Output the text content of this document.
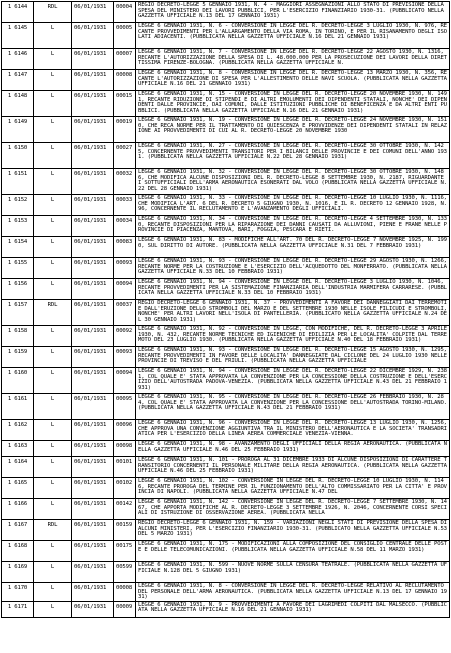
1 6144	RDL	06/01/1931	00004	REGIO DECRETO-LEGGE 5 GENNAIO 1931, N. 4 - MAGGIORI ASSEGNAZIONI ALLO STATO DI PREVISIONE DELLA SPESA DEL MINISTERO DEI LAVORI PUBBLICI, PER L'ESERCIZIO FINANZIARIO 1930-31. (PUBBLICATO NELLA GAZZETTA UFFICIALE N.13 DEL 17 GENNAIO 1931)

1 6145	L	06/01/1931	00005	LEGGE 6 GENNAIO 1931, N. 6 - CONVERSIONE IN LEGGE DEL R. DECRETO-LEGGE 3 LUGLIO 1930, N. 976, RECANTE PROVVEDIMENTI PER L'ALLARGAMENTO DELLA VIA ROMA, IN TORINO, E PER IL RISANAMENTO DEGLI ISOLATI ADIACENTI. (PUBBLICATA NELLA GAZZETTA UFFICIALE N.16 DEL 21 GENNAIO 1931)

1 6146	L	06/01/1931	00007	LEGGE 6 GENNAIO 1931, N. 7 - CONVERSIONE IN LEGGE DEL R. DECRETO-LEGGE 22 AGOSTO 1930, N. 1316, RECANTE L'AUTORIZZAZIONE DELLA SPESA DI L. 48.000.000 PER LA PROSECUZIONE DEI LAVORI DELLA DIRETTISSIMA FIRENZE-BOLOGNA. (PUBBLICATA NELLA GAZZETTA UFFICIALE N.

1 6147	L	06/01/1931	00008	LEGGE 6 GENNAIO 1931, N. 8 - CONVERSIONE IN LEGGE DEL R. DECRETO-LEGGE 13 MARZO 1930, N. 356, RECANTE L'AUTORIZZAZIONE DI SPESA PER L'ALLESTIMENTO DELLE NAVI SCUOLA. (PUBBLICATA NELLA GAZZETTA UFFICIALE N.16 DEL 21 GENNAIO 1931)

1 6148	L	06/01/1931	00015	LEGGE 6 GENNAIO 1931, N. 15 - CONVERSIONE IN LEGGE DEL R. DECRETO-LEGGE 20 NOVEMBRE 1930, N. 1491, RECANTE RIDUZIONE DI STIPENDI E DI ALTRI EMOLUMENTI DEI DIPENDENTI STATALI, NONCHE' DEI DIPENDENTI DALLE PROVINCIE, DAI COMUNI, DALLE ISTITUZIONI PUBBLICHE DI BENEFICENZA E DA ALTRI ENTI PUBBLICI. (PUBBLICATA NELLA GAZZETTA UFFICIALE N.16 DEL 21 GENNAIO 1931)

1 6149	L	06/01/1931	00019	LEGGE 6 GENNAIO 1931, N. 19 - CONVERSIONE IN LEGGE DEL R. DECRETO-LEGGE 24 NOVEMBRE 1930, N. 1510, CHE RECA NORME PER IL TRATTAMENTO DI QUIESCENZA E PROVVIDENZE DEI DIPENDENTI STATALI IN RELAZIONE AI PROVVEDIMENTI DI CUI AL R. DECRETO-LEGGE 20 NOVEMBRE 1930

1 6150	L	06/01/1931	00027	LEGGE 6 GENNAIO 1931, N. 27 - CONVERSIONE IN LEGGE DEL R. DECRETO-LEGGE 30 OTTOBRE 1930, N. 1425, CONCERNENTE PROVVEDIMENTI TRANSITORI PER I BILANCI DELLE PROVINCIE E DEI COMUNI DELL'ANNO 1931. (PUBBLICATA NELLA GAZZETTA UFFICIALE N.22 DEL 28 GENNAIO 1931)

1 6151	L	06/01/1931	00032	LEGGE 6 GENNAIO 1931, N. 32 - CONVERSIONE IN LEGGE DEL R. DECRETO-LEGGE 30 OTTOBRE 1930, N. 1486, CHE MODIFICA ALCUNE DISPOSIZIONI DEL R. DECRETO-LEGGE 8 SETTEMBRE 1930, N. 2187, RIGUARDANTE I SOTTUFFICIALI DELL'ARMA AERONAUTICA ESONERATI DAL VOLO (PUBBLICATA NELLA GAZZETTA UFFICIALE N.22 DEL 28 GENNAIO 1931)

1 6152	L	06/01/1931	00033	LEGGE 6 GENNAIO 1931, N. 33 - CONVERSIONE IN LEGGE DEL R. DECRETO-LEGGE 10 LUGLIO 1930, N. 1116, CHE MODIFICA L'ART. 6 DEL R. DECRETO 5 GIUGNO 1930, N. 1016, E IL R. DECRETO 12 GENNAIO 1928, N. 96, CONCERNENTE IL RECLUTAMENTO E L'AVANZAMENTO DEGLI UFFICIALI.

1 6153	L	06/01/1931	00034	LEGGE 6 GENNAIO 1931, N. 34 - CONVERSIONE IN LEGGE DEL R. DECRETO-LEGGE 4 SETTEMBRE 1930, N. 1330, RECANTE DISPOSIZIONI PER LA RIPARAZIONE DEI DANNI CAUSATI DA ALLUVIONI, PIENE E FRANE NELLE PROVINCIE DI PIACENZA, MANTOVA, BARI, FOGGIA, PESCARA E RIETI.

1 6154	L	06/01/1931	00083	LEGGE 6 GENNAIO 1931, N. 83 - MODIFICHE ALL'ART. 70 DEL R. DECRETO-LEGGE 7 NOVEMBRE 1925, N. 1990, SUL DIRITTO DI AUTORE. (PUBBLICATA NELLA GAZZETTA UFFICIALE N.31 DEL 7 FEBBRAIO 1931)

1 6155	L	06/01/1931	00093	LEGGE 6 GENNAIO 1931, N. 93 - CONVERSIONE IN LEGGE DEL R. DECRETO-LEGGE 29 AGOSTO 1930, N. 1266, RECANTE NORME PER LA COSTRUZIONE E L'ESERCIZIO DELL'ACQUEDOTTO DEL MONFERRATO. (PUBBLICATA NELLA GAZZETTA UFFICIALE N.33 DEL 10 FEBBRAIO 1931)

1 6156	L	06/01/1931	00094	LEGGE 6 GENNAIO 1931, N. 94 - CONVERSIONE IN LEGGE DEL R. DECRETO-LEGGE 3 LUGLIO 1930, N. 1046, RECANTE PROVVEDIMENTI PER LA SISTEMAZIONE FINANZIARIA DELL'INDUSTRIA MARMIFERA CARRARESE. (PUBBLICATA NELLA GAZZETTA UFFICIALE N.33 DEL 10 FEBBRAIO 1931)

1 6157	RDL	06/01/1931	00037	REGIO DECRETO-LEGGE 6 GENNAIO 1931, N. 37 - PROVVEDIMENTI A FAVORE DEI DANNEGGIATI DAI TERREMOTI E DALL'ERUZIONE DELLO STROMBOLI DEL MARZO E DEL SETTEMBRE 1930 NELLE ISOLE FILICUDI E STROMBOLI, NONCHE' PER ALTRI LAVORI NELL'ISOLA DI PANTELLERIA. (PUBBLICATO NELLA GAZZETTA UFFICIALE N.24 DEL 30 GENNAIO 1931)

1 6158	L	06/01/1931	00092	LEGGE 6 GENNAIO 1931, N. 92 - CONVERSIONE IN LEGGE, CON MODIFICHE, DEL R. DECRETO-LEGGE 3 APRILE 1930, N. 432, RECANTE NORME TECNICHE ED IGIENICHE DI EDILIZIA PER LE LOCALITA' COLPITE DAL TERREMOTO DEL 23 LUGLIO 1930. (PUBBLICATA NELLA GAZZETTA UFFICIALE N.40 DEL 18 FEBBRAIO 1931)

1 6159	L	06/01/1931	00093	LEGGE 6 GENNAIO 1931, N. 93 - CONVERSIONE IN LEGGE DEL R. DECRETO-LEGGE 15 AGOSTO 1930, N. 1295, RECANTE PROVVEDIMENTI IN FAVORE DELLE LOCALITA' DANNEGGIATE DAL CICLONE DEL 24 LUGLIO 1930 NELLE PROVINCIE DI TREVISO E DEL FRIULI. (PUBBLICATA NELLA GAZZETTA UFFICIALE

1 6160	L	06/01/1931	00094	LEGGE 6 GENNAIO 1931, N. 94 - CONVERSIONE IN LEGGE DEL R. DECRETO-LEGGE 22 DICEMBRE 1929, N. 2381, COL QUALE E' STATA APPROVATA LA CONVENZIONE PER LA CONCESSIONE DELLA COSTRUZIONE E DELL'ESERCIZIO DELL'AUTOSTRADA PADOVA-VENEZIA. (PUBBLICATA NELLA GAZZETTA UFFICIALE N.43 DEL 21 FEBBRAIO 1931)

1 6161	L	06/01/1931	00095	LEGGE 6 GENNAIO 1931, N. 95 - CONVERSIONE IN LEGGE DEL R. DECRETO-LEGGE 26 FEBBRAIO 1930, N. 284, COL QUALE E' STATA APPROVATA LA CONVENZIONE PER LA CONCESSIONE DELL'AUTOSTRADA TORINO-MILANO. (PUBBLICATA NELLA GAZZETTA UFFICIALE N.43 DEL 21 FEBBRAIO 1931)

1 6162	L	06/01/1931	00096	LEGGE 6 GENNAIO 1931, N. 96 - CONVERSIONE IN LEGGE DEL R. DECRETO-LEGGE 13 LUGLIO 1930, N. 1256, CHE APPROVA UNA CONVENZIONE AGGIUNTIVA TRA IL MINISTERO DELL'AERONAUTICA E LA SOCIETA' TRANSADRIATICA PER L'ESERCIZIO DELLA LINEA AEREA COMMERCIALE VENEZIA-VIENNA.

1 6163	L	06/01/1931	00098	LEGGE 6 GENNAIO 1931, N. 98 - AVANZAMENTO DEGLI UFFICIALI DELLA REGIA AERONAUTICA. (PUBBLICATA NELLA GAZZETTA UFFICIALE N.46 DEL 25 FEBBRAIO 1931)

1 6164	L	06/01/1931	00101	LEGGE 6 GENNAIO 1931, N. 101 - PROROGA AL 31 DICEMBRE 1933 DI ALCUNE DISPOSIZIONI DI CARATTERE TRANSITORIO CONCERNENTI IL PERSONALE MILITARE DELLA REGIA AERONAUTICA. (PUBBLICATA NELLA GAZZETTA UFFICIALE N.46 DEL 25 FEBBRAIO 1931)

1 6165	L	06/01/1931	00102	LEGGE 6 GENNAIO 1931, N. 102 - CONVERSIONE IN LEGGE DEL R. DECRETO-LEGGE 10 LUGLIO 1930, N. 1146, RECANTE PROROGA DEL TERMINE PER IL FUNZIONAMENTO DELL'ALTO COMMISSARIATO PER LA CITTA' E PROVINCIA DI NAPOLI. (PUBBLICATA NELLA GAZZETTA UFFICIALE N.47 DEL

1 6166	L	06/01/1931	00142	LEGGE 6 GENNAIO 1931, N. 142 - CONVERSIONE IN LEGGE DEL R. DECRETO-LEGGE 7 SETTEMBRE 1930, N. 1467, CHE APPORTA MODIFICHE AL R. DECRETO-LEGGE 3 SETTEMBRE 1926, N. 2046, CONCERNENTE CORSI SPECIALI DI ISTRUZIONE DI OSSERVAZIONE AEREA. (PUBBLICATA NELLA

1 6167	RDL	06/01/1931	00159	REGIO DECRETO-LEGGE 6 GENNAIO 1931, N. 159 - VARIAZIONI NEGLI STATI DI PREVISIONE DELLA SPESA DI ALCUNI MINISTERI, PER L'ESERCIZIO FINANZIARIO 1930-31. (PUBBLICATO NELLA GAZZETTA UFFICIALE N.53 DEL 5 MARZO 1931)

1 6168	L	06/01/1931	00175	LEGGE 6 GENNAIO 1931, N. 175 - MODIFICAZIONI ALLA COMPOSIZIONE DEL CONSIGLIO CENTRALE DELLE POSTE E DELLE TELECOMUNICAZIONI. (PUBBLICATA NELLA GAZZETTA UFFICIALE N.58 DEL 11 MARZO 1931)

1 6169	L	06/01/1931	00599	LEGGE 6 GENNAIO 1931, N. 599 - NUOVE NORME SULLA CENSURA TEATRALE. (PUBBLICATA NELLA GAZZETTA UFFICIALE N.128 DEL 5 GIUGNO 1931)

1 6170	L	06/01/1931	00008	LEGGE 6 GENNAIO 1931, N. 8 - CONVERSIONE IN LEGGE DEL R. DECRETO-LEGGE RELATIVO AL RECLUTAMENTO DEL PERSONALE DELL'ARMA AERONAUTICA. (PUBBLICATA NELLA GAZZETTA UFFICIALE N.13 DEL 17 GENNAIO 1931)

1 6171	L	06/01/1931	00009	LEGGE 6 GENNAIO 1931, N. 9 - PROVVEDIMENTI A FAVORE DEI LAGRIMEDI COLPITI DAL MALSECCO. (PUBBLICATA NELLA GAZZETTA UFFICIALE N.16 DEL 21 GENNAIO 1931)
